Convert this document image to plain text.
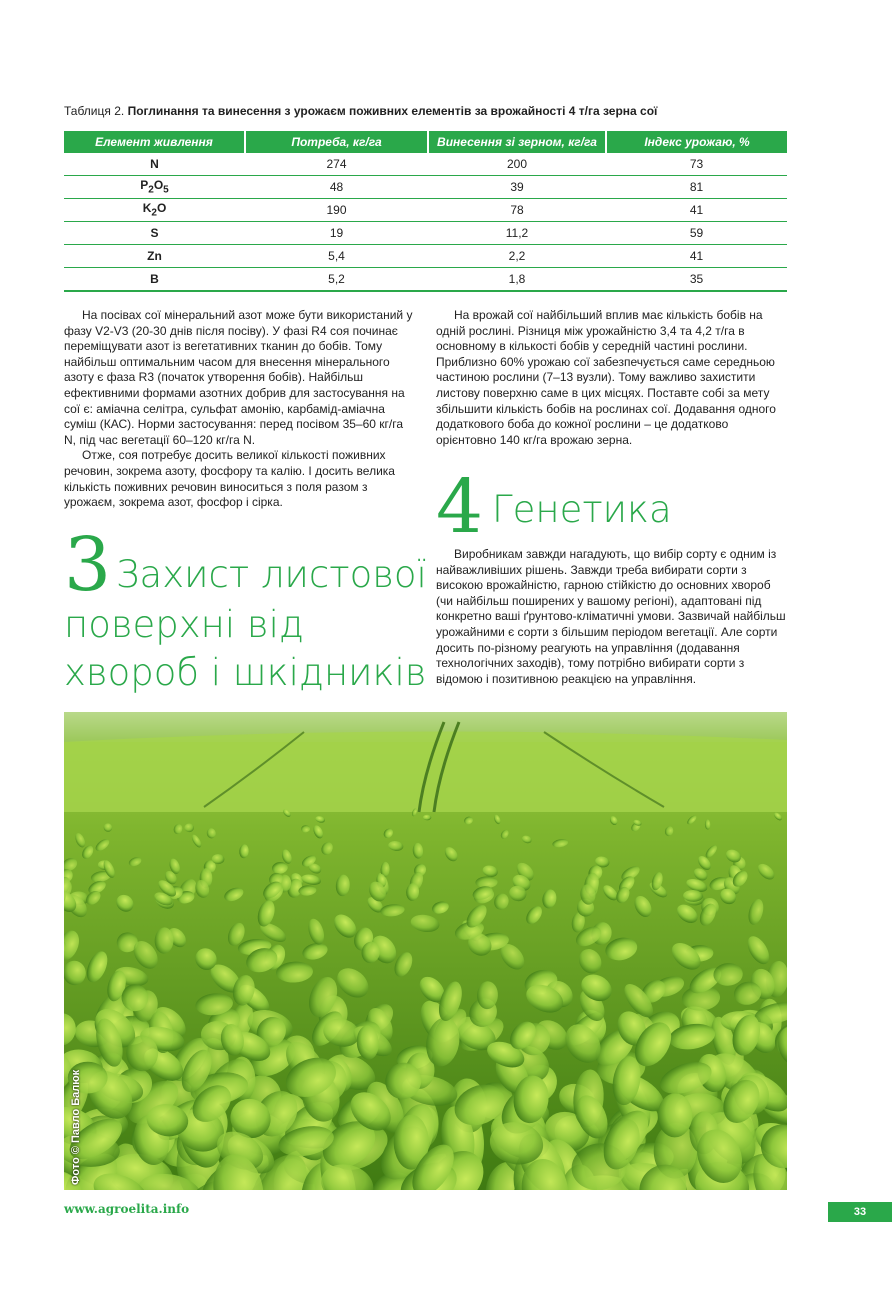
Таблиця 2. Поглинання та винесення з урожаєм поживних елементів за врожайності 4 т/га зерна сої
Елемент живлення	Потреба, кг/га	Винесення зі зерном, кг/га	Індекс урожаю, %
N	274	200	73
$P_2O_5$	48	39	81
$K_2O$	190	78	41
S	19	11,2	59
Zn	5,4	2,2	41
B	5,2	1,8	35

На посівах сої мінеральний азот може бути використаний у фазу V2-V3 (20-30 днів після посіву). У фазі R4 соя починає переміщувати азот із вегетативних тканин до бобів. Тому найбільш оптимальним часом для внесення мінерального азоту є фаза R3 (початок утворення бобів). Найбільш ефективними формами азотних добрив для застосування на сої є: аміачна селітра, сульфат амонію, карбамід-аміачна суміш (КАС). Норми застосування: перед посівом 35–60 кг/га N, під час вегетації 60–120 кг/га N.

Отже, соя потребує досить великої кількості поживних речовин, зокрема азоту, фосфору та калію. І досить велика кількість поживних речовин виноситься з поля разом з урожаєм, зокрема азот, фосфор і сірка.

3 Захист листової
поверхні від
хвороб і шкідників

На врожай сої найбільший вплив має кількість бобів на одній рослині. Різниця між урожайністю 3,4 та 4,2 т/га в основному в кількості бобів у середній частині рослини. Приблизно 60% урожаю сої забезпечується саме середньою частиною рослини (7–13 вузли). Тому важливо захистити листову поверхню саме в цих місцях. Поставте собі за мету збільшити кількість бобів на рослинах сої. Додавання одного додаткового боба до кожної рослини – це додатково орієнтовно 140 кг/га врожаю зерна.

4 Генетика

Виробникам завжди нагадують, що вибір сорту є одним із найважливіших рішень. Завжди треба вибирати сорти з високою врожайністю, гарною стійкістю до основних хвороб (чи найбільш поширених у вашому регіоні), адаптовані під конкретно ваші ґрунтово-кліматичні умови. Зазвичай найбільш урожайними є сорти з більшим періодом вегетації. Але сорти досить по-різному реагують на управління (додавання технологічних заходів), тому потрібно вибирати сорти з відомою і позитивною реакцією на управління.

Фото © Павло Балюк
www.agroelita.info	33
